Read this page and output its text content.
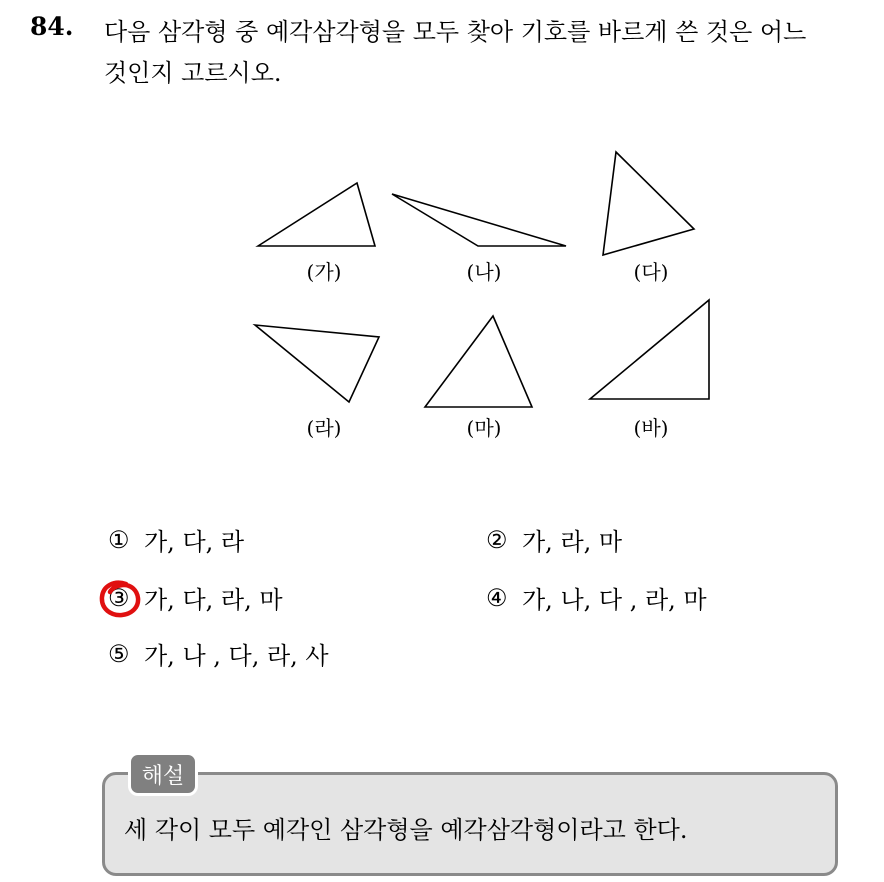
84. 다음 삼각형 중 예각삼각형을 모두 찾아 기호를 바르게 쓴 것은 어느
것인지 고르시오.
(가)	(나)	(다)
(라)	(마)	(바)
① 가, 다, 라	② 가, 라, 마
③ 가, 다, 라, 마	④ 가, 나, 다 , 라, 마
⑤ 가, 나 , 다, 라, 사
해설
세 각이 모두 예각인 삼각형을 예각삼각형이라고 한다.
